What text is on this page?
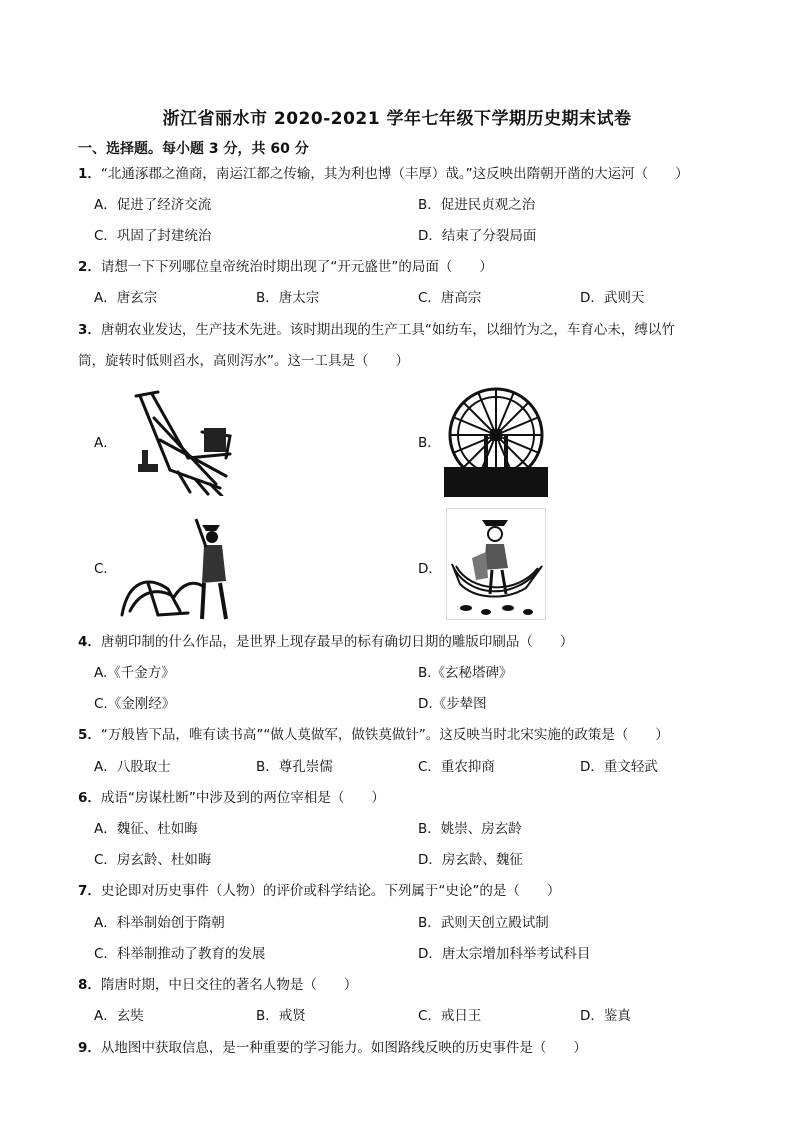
浙江省丽水市 2020-2021 学年七年级下学期历史期末试卷
一、选择题。每小题 3 分，共 60 分
1．“北通涿郡之渔商，南运江都之传输，其为利也博（丰厚）哉。”这反映出隋朝开凿的大运河（　　）
A．促进了经济交流	B．促进民贞观之治
C．巩固了封建统治	D．结束了分裂局面
2．请想一下下列哪位皇帝统治时期出现了“开元盛世”的局面（　　）
A．唐玄宗	B．唐太宗	C．唐高宗	D．武则天
3．唐朝农业发达，生产技术先进。该时期出现的生产工具“如纺车，以细竹为之，车育心未，缚以竹
筒，旋转时低则舀水，高则泻水”。这一工具是（　　）
A．	B．
C．	D．
4．唐朝印制的什么作品，是世界上现存最早的标有确切日期的雕版印刷品（　　）
A.《千金方》	B.《玄秘塔碑》
C.《金刚经》	D.《步辇图
5．“万般皆下品，唯有读书高”“做人莫做军，做铁莫做针”。这反映当时北宋实施的政策是（　　）
A．八股取士	B．尊孔崇儒	C．重农抑商	D．重文轻武
6．成语“房谋杜断”中涉及到的两位宰相是（　　）
A．魏征、杜如晦	B．姚崇、房玄龄
C．房玄龄、杜如晦	D．房玄龄、魏征
7．史论即对历史事件（人物）的评价或科学结论。下列属于“史论”的是（　　）
A．科举制始创于隋朝	B．武则天创立殿试制
C．科举制推动了教育的发展	D．唐太宗增加科举考试科目
8．隋唐时期，中日交往的著名人物是（　　）
A．玄奘	B．戒贤	C．戒日王	D．鉴真
9．从地图中获取信息，是一种重要的学习能力。如图路线反映的历史事件是（　　）
